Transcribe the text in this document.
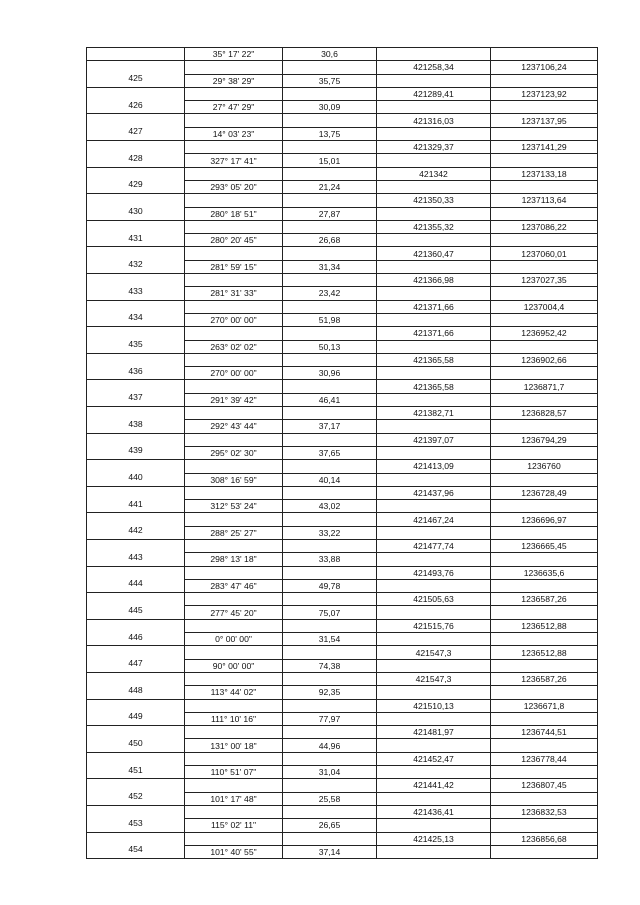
	35° 17' 22"	30,6		
425			421258,34	1237106,24
	29° 38' 29"	35,75		
426			421289,41	1237123,92
	27° 47' 29"	30,09		
427			421316,03	1237137,95
	14° 03' 23"	13,75		
428			421329,37	1237141,29
	327° 17' 41"	15,01		
429			421342	1237133,18
	293° 05' 20"	21,24		
430			421350,33	1237113,64
	280° 18' 51"	27,87		
431			421355,32	1237086,22
	280° 20' 45"	26,68		
432			421360,47	1237060,01
	281° 59' 15"	31,34		
433			421366,98	1237027,35
	281° 31' 33"	23,42		
434			421371,66	1237004,4
	270° 00' 00"	51,98		
435			421371,66	1236952,42
	263° 02' 02"	50,13		
436			421365,58	1236902,66
	270° 00' 00"	30,96		
437			421365,58	1236871,7
	291° 39' 42"	46,41		
438			421382,71	1236828,57
	292° 43' 44"	37,17		
439			421397,07	1236794,29
	295° 02' 30"	37,65		
440			421413,09	1236760
	308° 16' 59"	40,14		
441			421437,96	1236728,49
	312° 53' 24"	43,02		
442			421467,24	1236696,97
	288° 25' 27"	33,22		
443			421477,74	1236665,45
	298° 13' 18"	33,88		
444			421493,76	1236635,6
	283° 47' 46"	49,78		
445			421505,63	1236587,26
	277° 45' 20"	75,07		
446			421515,76	1236512,88
	0° 00' 00"	31,54		
447			421547,3	1236512,88
	90° 00' 00"	74,38		
448			421547,3	1236587,26
	113° 44' 02"	92,35		
449			421510,13	1236671,8
	111° 10' 16"	77,97		
450			421481,97	1236744,51
	131° 00' 18"	44,96		
451			421452,47	1236778,44
	110° 51' 07"	31,04		
452			421441,42	1236807,45
	101° 17' 48"	25,58		
453			421436,41	1236832,53
	115° 02' 11"	26,65		
454			421425,13	1236856,68
	101° 40' 55"	37,14		
